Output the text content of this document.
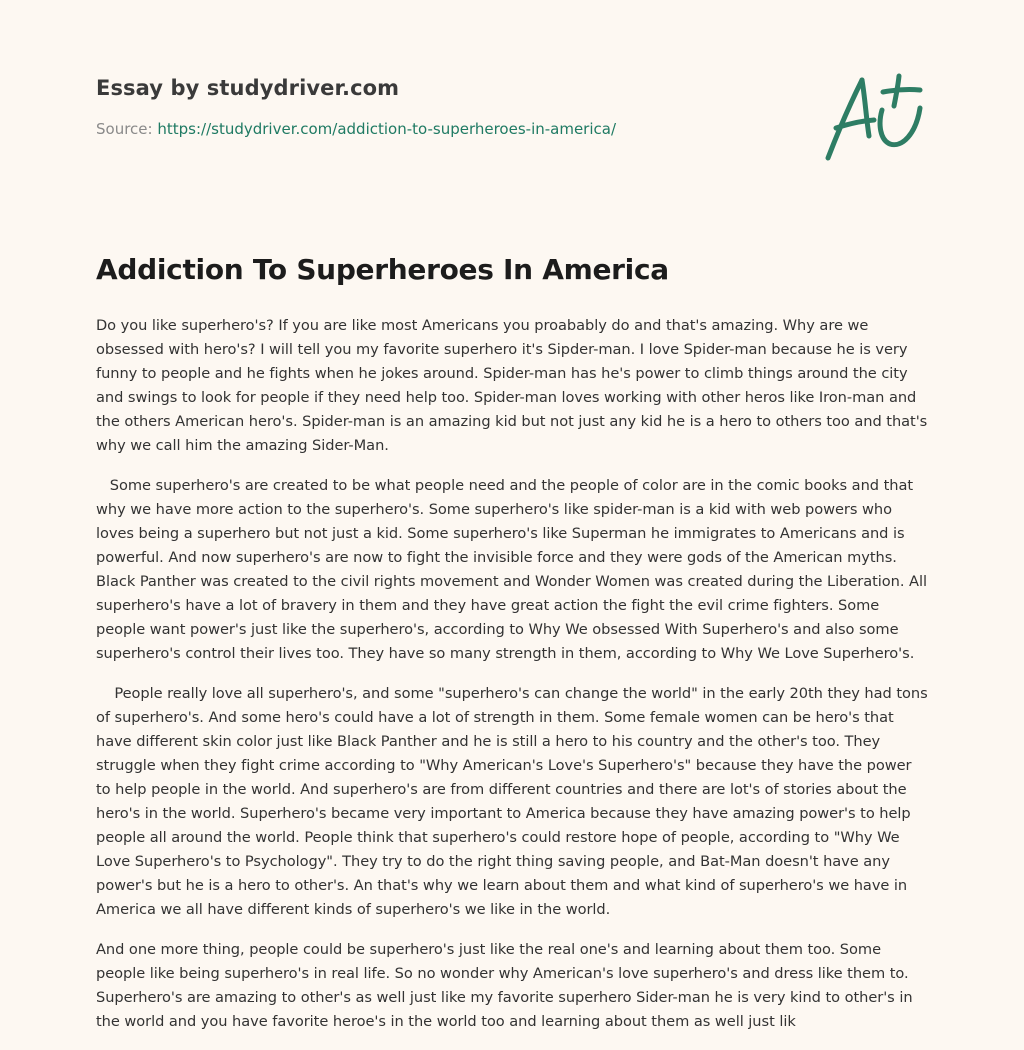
Essay by studydriver.com
Source: https://studydriver.com/addiction-to-superheroes-in-america/
Addiction To Superheroes In America

Do you like superhero's? If you are like most Americans you proabably do and that's amazing. Why are we obsessed with hero's? I will tell you my favorite superhero it's Sipder-man. I love Spider-man because he is very funny to people and he fights when he jokes around. Spider-man has he's power to climb things around the city and swings to look for people if they need help too. Spider-man loves working with other heros like Iron-man and the others American hero's. Spider-man is an amazing kid but not just any kid he is a hero to others too and that's why we call him the amazing Sider-Man.

Some superhero's are created to be what people need and the people of color are in the comic books and that why we have more action to the superhero's. Some superhero's like spider-man is a kid with web powers who loves being a superhero but not just a kid. Some superhero's like Superman he immigrates to Americans and is powerful. And now superhero's are now to fight the invisible force and they were gods of the American myths. Black Panther was created to the civil rights movement and Wonder Women was created during the Liberation. All superhero's have a lot of bravery in them and they have great action the fight the evil crime fighters. Some people want power's just like the superhero's, according to Why We obsessed With Superhero's and also some superhero's control their lives too. They have so many strength in them, according to Why We Love Superhero's.

People really love all superhero's, and some "superhero's can change the world" in the early 20th they had tons of superhero's. And some hero's could have a lot of strength in them. Some female women can be hero's that have different skin color just like Black Panther and he is still a hero to his country and the other's too. They struggle when they fight crime according to "Why American's Love's Superhero's" because they have the power to help people in the world. And superhero's are from different countries and there are lot's of stories about the hero's in the world. Superhero's became very important to America because they have amazing power's to help people all around the world. People think that superhero's could restore hope of people, according to "Why We Love Superhero's to Psychology". They try to do the right thing saving people, and Bat-Man doesn't have any power's but he is a hero to other's. An that's why we learn about them and what kind of superhero's we have in America we all have different kinds of superhero's we like in the world.

And one more thing, people could be superhero's just like the real one's and learning about them too. Some people like being superhero's in real life. So no wonder why American's love superhero's and dress like them to. Superhero's are amazing to other's as well just like my favorite superhero Sider-man he is very kind to other's in the world and you have favorite heroe's in the world too and learning about them as well just lik
